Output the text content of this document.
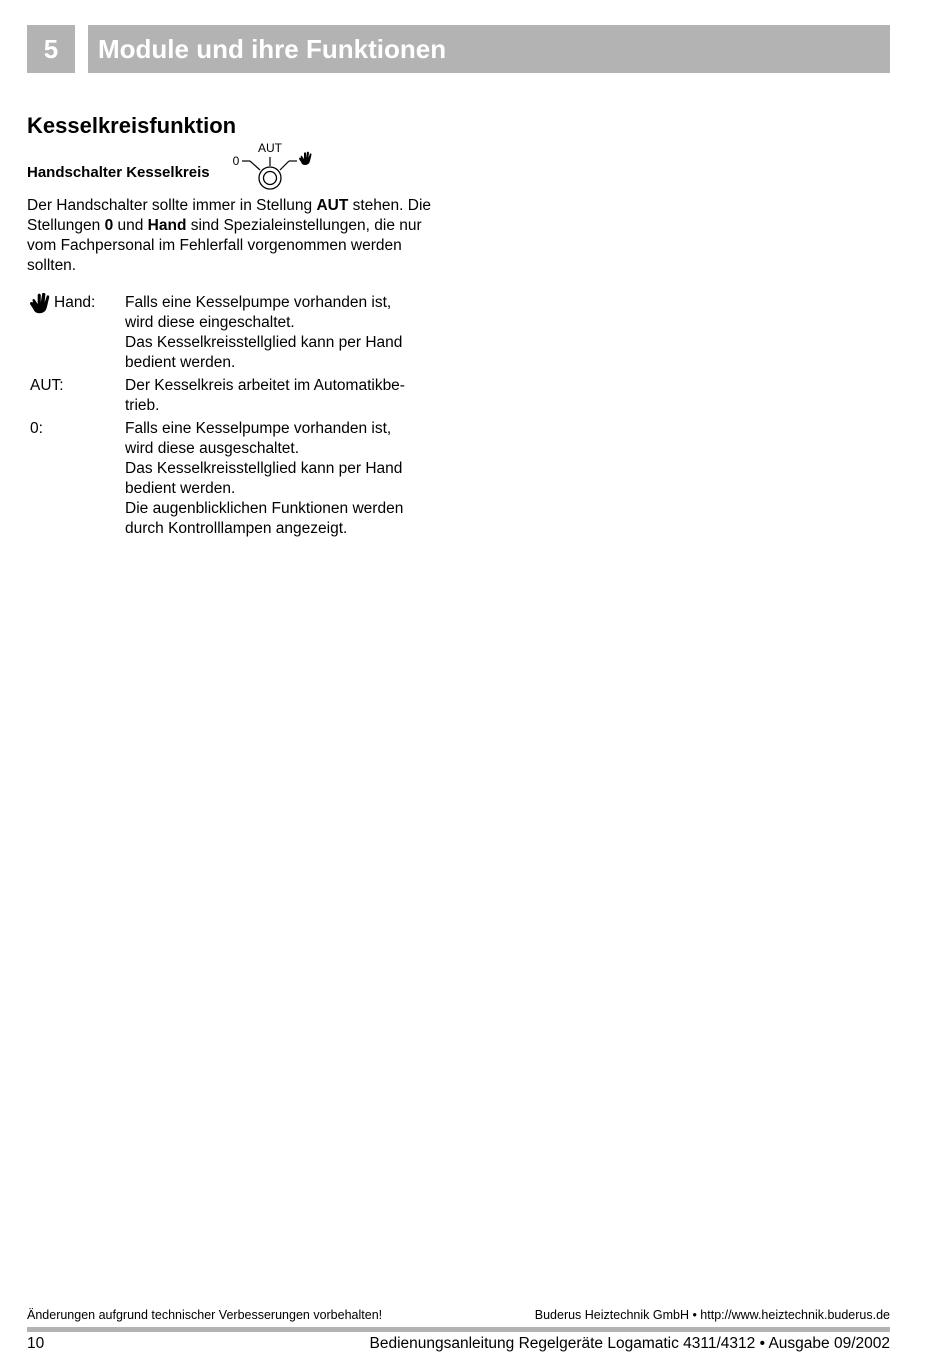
5	Module und ihre Funktionen
Kesselkreisfunktion
Handschalter Kesselkreis
AUT
0

Der Handschalter sollte immer in Stellung AUT stehen. Die Stellungen 0 und Hand sind Spezialeinstellungen, die nur vom Fachpersonal im Fehlerfall vorgenommen werden sollten.

Hand: Falls eine Kesselpumpe vorhanden ist,
wird diese eingeschaltet.
Das Kesselkreisstellglied kann per Hand
bedient werden.
AUT:	Der Kesselkreis arbeitet im Automatikbe-
trieb.
0:	Falls eine Kesselpumpe vorhanden ist,
wird diese ausgeschaltet.
Das Kesselkreisstellglied kann per Hand
bedient werden.
Die augenblicklichen Funktionen werden
durch Kontrolllampen angezeigt.
Änderungen aufgrund technischer Verbesserungen vorbehalten!	Buderus Heiztechnik GmbH • http://www.heiztechnik.buderus.de
10	Bedienungsanleitung Regelgeräte Logamatic 4311/4312 • Ausgabe 09/2002
